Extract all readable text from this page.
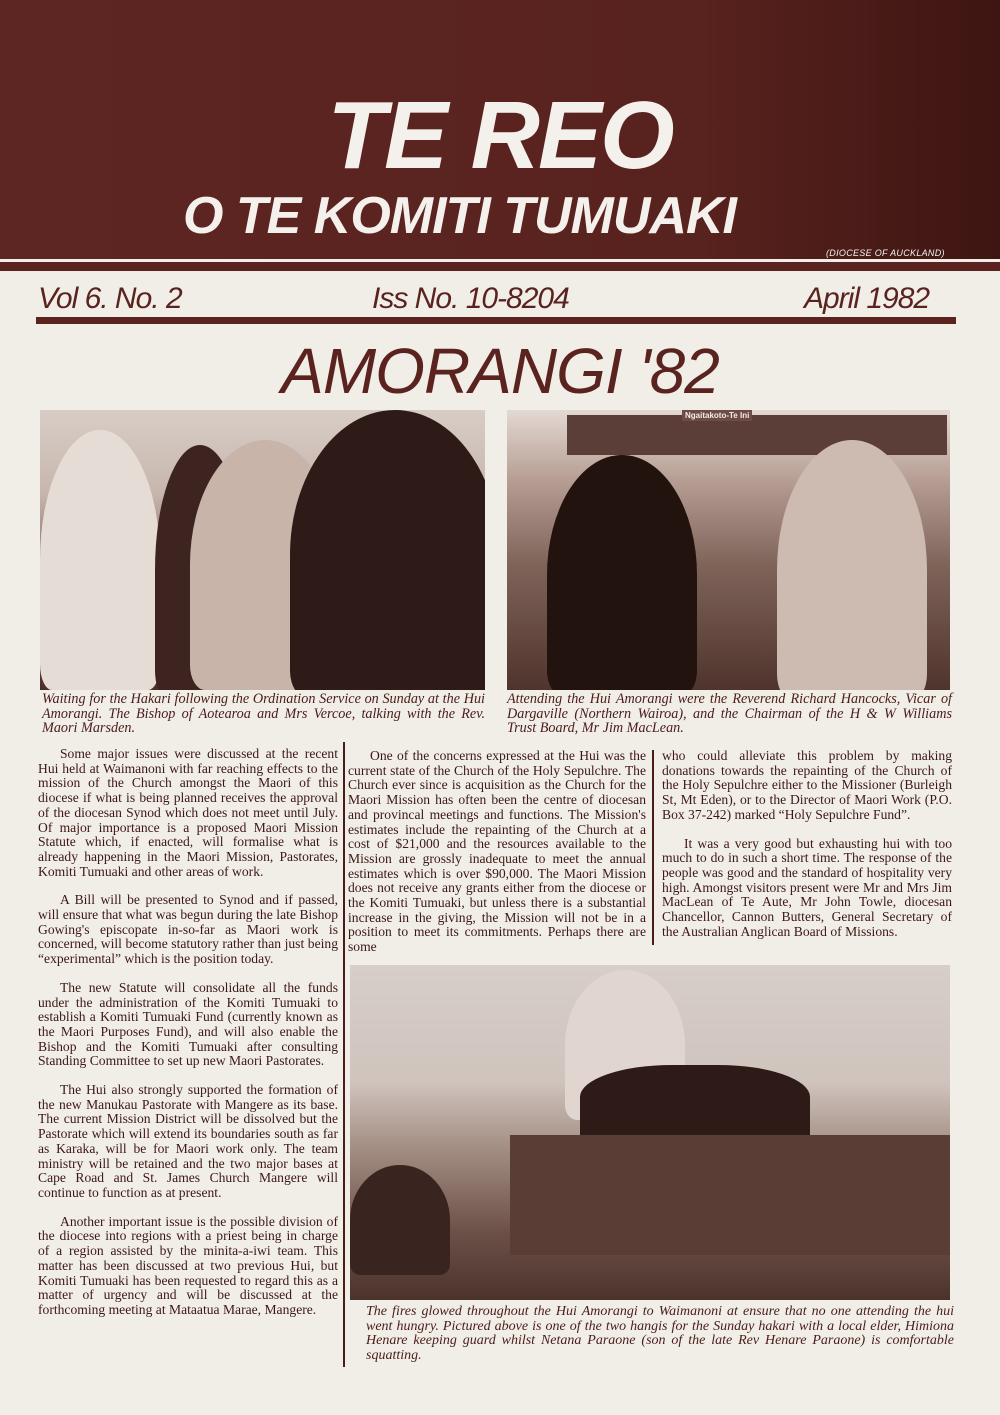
TE REO
O TE KOMITI TUMUAKI
(DIOCESE OF AUCKLAND)
Vol 6. No. 2	Iss No. 10-8204	April 1982
AMORANGI '82
Ngaitakoto-Te Ini
Waiting for the Hakari following the Ordination Service on Sunday at the Hui Amorangi. The Bishop of Aotearoa and Mrs Vercoe, talking with the Rev. Maori Marsden.
Attending the Hui Amorangi were the Reverend Richard Hancocks, Vicar of Dargaville (Northern Wairoa), and the Chairman of the H & W Williams Trust Board, Mr Jim MacLean.

Some major issues were discussed at the recent Hui held at Waimanoni with far reaching effects to the mission of the Church amongst the Maori of this diocese if what is being planned receives the approval of the diocesan Synod which does not meet until July. Of major importance is a proposed Maori Mission Statute which, if enacted, will formalise what is already happening in the Maori Mission, Pastorates, Komiti Tumuaki and other areas of work.

A Bill will be presented to Synod and if passed, will ensure that what was begun during the late Bishop Gowing's episcopate in-so-far as Maori work is concerned, will become statutory rather than just being “experimental” which is the position today.

The new Statute will consolidate all the funds under the administration of the Komiti Tumuaki to establish a Komiti Tumuaki Fund (currently known as the Maori Purposes Fund), and will also enable the Bishop and the Komiti Tumuaki after consulting Standing Committee to set up new Maori Pastorates.

The Hui also strongly supported the formation of the new Manukau Pastorate with Mangere as its base. The current Mission District will be dissolved but the Pastorate which will extend its boundaries south as far as Karaka, will be for Maori work only. The team ministry will be retained and the two major bases at Cape Road and St. James Church Mangere will continue to function as at present.

Another important issue is the possible division of the diocese into regions with a priest being in charge of a region assisted by the minita-a-iwi team. This matter has been discussed at two previous Hui, but Komiti Tumuaki has been requested to regard this as a matter of urgency and will be discussed at the forthcoming meeting at Mataatua Marae, Mangere.

One of the concerns expressed at the Hui was the current state of the Church of the Holy Sepulchre. The Church ever since is acquisition as the Church for the Maori Mission has often been the centre of diocesan and provincal meetings and functions. The Mission's estimates include the repainting of the Church at a cost of $21,000 and the resources available to the Mission are grossly inadequate to meet the annual estimates which is over $90,000. The Maori Mission does not receive any grants either from the diocese or the Komiti Tumuaki, but unless there is a substantial increase in the giving, the Mission will not be in a position to meet its commitments. Perhaps there are some

who could alleviate this problem by making donations towards the repainting of the Church of the Holy Sepulchre either to the Missioner (Burleigh St, Mt Eden), or to the Director of Maori Work (P.O. Box 37-242) marked “Holy Sepulchre Fund”.

It was a very good but exhausting hui with too much to do in such a short time. The response of the people was good and the standard of hospitality very high. Amongst visitors present were Mr and Mrs Jim MacLean of Te Aute, Mr John Towle, diocesan Chancellor, Cannon Butters, General Secretary of the Australian Anglican Board of Missions.

The fires glowed throughout the Hui Amorangi to Waimanoni at ensure that no one attending the hui went hungry. Pictured above is one of the two hangis for the Sunday hakari with a local elder, Himiona Henare keeping guard whilst Netana Paraone (son of the late Rev Henare Paraone) is comfortable squatting.
